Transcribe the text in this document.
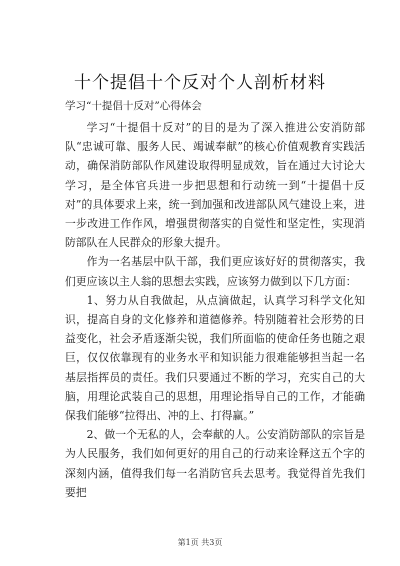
十个提倡十个反对个人剖析材料
学习“十提倡十反对”心得体会

学习“十提倡十反对”的目的是为了深入推进公安消防部队“忠诚可靠、服务人民、竭诚奉献”的核心价值观教育实践活动，确保消防部队作风建设取得明显成效，旨在通过大讨论大学习，是全体官兵进一步把思想和行动统一到“十提倡十反对”的具体要求上来，统一到加强和改进部队风气建设上来，进一步改进工作作风，增强贯彻落实的自觉性和坚定性，实现消防部队在人民群众的形象大提升。

作为一名基层中队干部，我们更应该好好的贯彻落实，我们更应该以主人翁的思想去实践，应该努力做到以下几方面：

1、努力从自我做起，从点滴做起，认真学习科学文化知识，提高自身的文化修养和道德修养。特别随着社会形势的日益变化，社会矛盾逐渐尖锐，我们所面临的使命任务也随之艰巨，仅仅依靠现有的业务水平和知识能力很难能够担当起一名基层指挥员的责任。我们只要通过不断的学习，充实自己的大脑，用理论武装自己的思想，用理论指导自己的工作，才能确保我们能够“拉得出、冲的上、打得赢。”

2、做一个无私的人，会奉献的人。公安消防部队的宗旨是为人民服务，我们如何更好的用自己的行动来诠释这五个字的深刻内涵，值得我们每一名消防官兵去思考。我觉得首先我们要把

第1页 共3页
